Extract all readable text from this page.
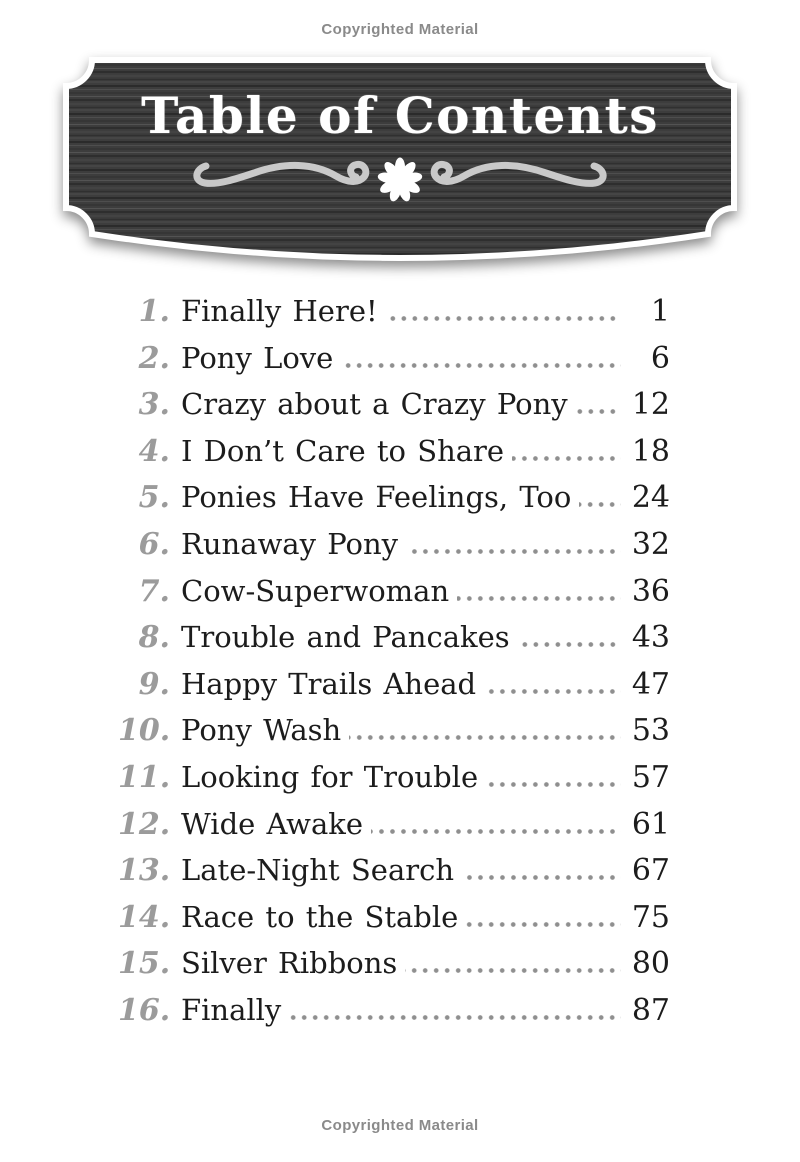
Copyrighted Material
Table of Contents
1. Finally Here!	1
2. Pony Love	6
3. Crazy about a Crazy Pony 12
4. I Don’t Care to Share	18
5. Ponies Have Feelings, Too 24
6. Runaway Pony	32
7. Cow-Superwoman	36
8. Trouble and Pancakes	43
9. Happy Trails Ahead	47
10. Pony Wash	53
11. Looking for Trouble	57
12. Wide Awake	61
13. Late-Night Search	67
14. Race to the Stable	75
15. Silver Ribbons	80
16. Finally	87
Copyrighted Material
